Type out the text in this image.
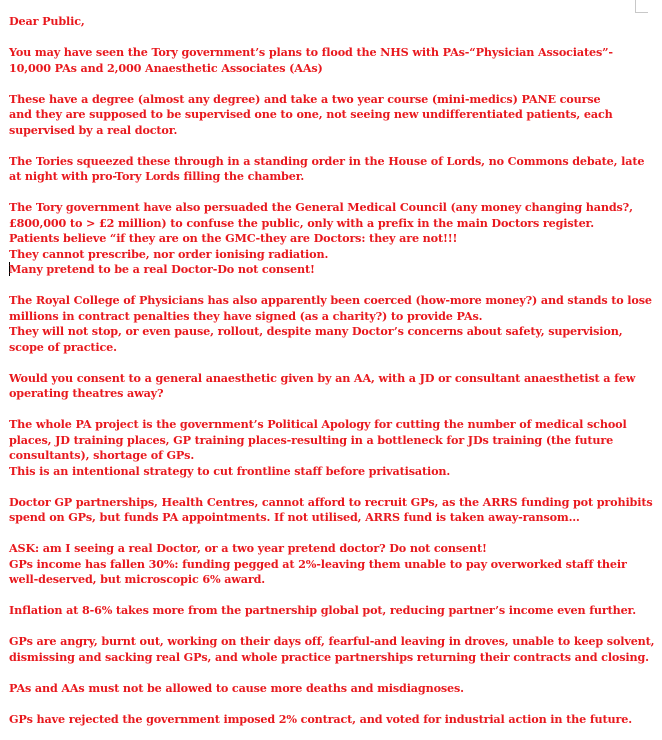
Dear Public,

You may have seen the Tory government’s plans to flood the NHS with PAs-“Physician Associates”- 10,000 PAs and 2,000 Anaesthetic Associates (AAs)

These have a degree (almost any degree) and take a two year course (mini-medics) PANE course
and they are supposed to be supervised one to one, not seeing new undifferentiated patients, each supervised by a real doctor.

The Tories squeezed these through in a standing order in the House of Lords, no Commons debate, late at night with pro-Tory Lords filling the chamber.

The Tory government have also persuaded the General Medical Council (any money changing hands?, £800,000 to > £2 million) to confuse the public, only with a prefix in the main Doctors register.
Patients believe “if they are on the GMC-they are Doctors: they are not!!!
They cannot prescribe, nor order ionising radiation.
Many pretend to be a real Doctor-Do not consent!

The Royal College of Physicians has also apparently been coerced (how-more money?) and stands to lose millions in contract penalties they have signed (as a charity?) to provide PAs.
They will not stop, or even pause, rollout, despite many Doctor’s concerns about safety, supervision, scope of practice.

Would you consent to a general anaesthetic given by an AA, with a JD or consultant anaesthetist a few operating theatres away?

The whole PA project is the government’s Political Apology for cutting the number of medical school places, JD training places, GP training places-resulting in a bottleneck for JDs training (the future consultants), shortage of GPs.
This is an intentional strategy to cut frontline staff before privatisation.

Doctor GP partnerships, Health Centres, cannot afford to recruit GPs, as the ARRS funding pot prohibits spend on GPs, but funds PA appointments. If not utilised, ARRS fund is taken away-ransom…

ASK: am I seeing a real Doctor, or a two year pretend doctor? Do not consent!
GPs income has fallen 30%: funding pegged at 2%-leaving them unable to pay overworked staff their well-deserved, but microscopic 6% award.

Inflation at 8-6% takes more from the partnership global pot, reducing partner’s income even further.

GPs are angry, burnt out, working on their days off, fearful-and leaving in droves, unable to keep solvent, dismissing and sacking real GPs, and whole practice partnerships returning their contracts and closing.

PAs and AAs must not be allowed to cause more deaths and misdiagnoses.

GPs have rejected the government imposed 2% contract, and voted for industrial action in the future.
